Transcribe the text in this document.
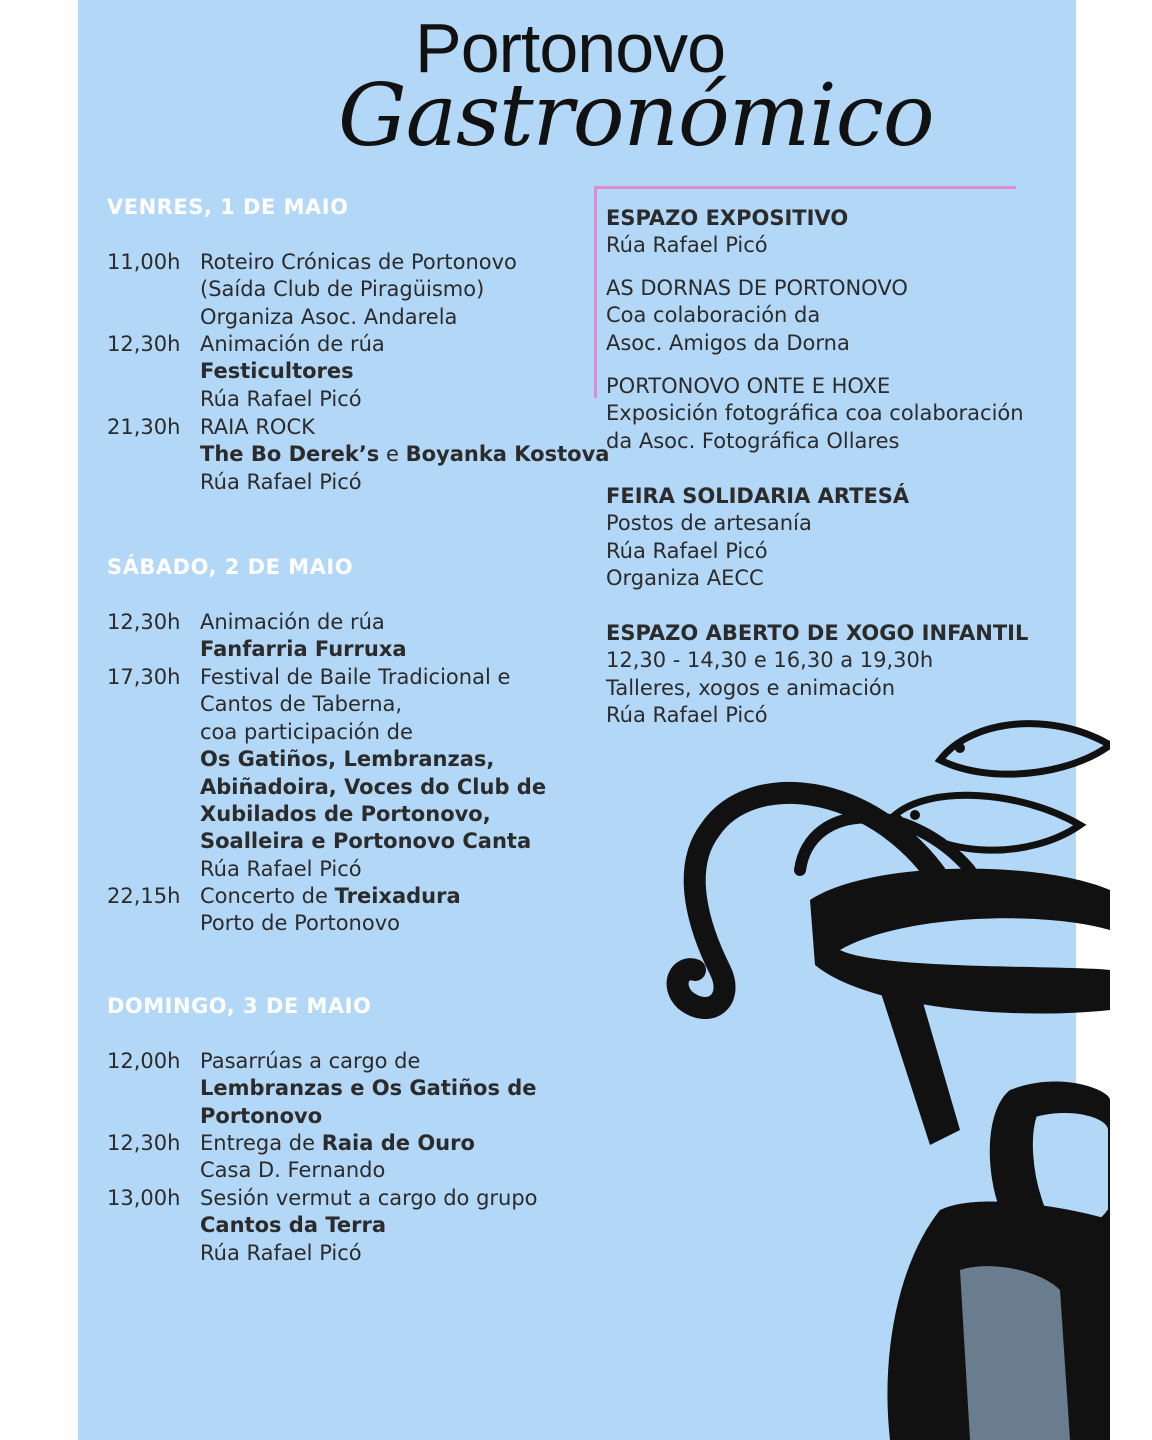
Portonovo
Gastronómico
VENRES, 1 DE MAIO
SÁBADO, 2 DE MAIO
DOMINGO, 3 DE MAIO
11,00h Roteiro Crónicas de Portonovo
(Saída Club de Piragüismo)
Organiza Asoc. Andarela
12,30h Animación de rúa
Festicultores
Rúa Rafael Picó
21,30h RAIA ROCK
The Bo Derek’s e Boyanka Kostova
Rúa Rafael Picó
12,30h Animación de rúa
Fanfarria Furruxa
17,30h Festival de Baile Tradicional e
Cantos de Taberna,
coa participación de
Os Gatiños, Lembranzas,
Abiñadoira, Voces do Club de
Xubilados de Portonovo,
Soalleira e Portonovo Canta
Rúa Rafael Picó
22,15h Concerto de Treixadura
Porto de Portonovo
12,00h Pasarrúas a cargo de
Lembranzas e Os Gatiños de
Portonovo
12,30h Entrega de Raia de Ouro
Casa D. Fernando
13,00h Sesión vermut a cargo do grupo
Cantos da Terra
Rúa Rafael Picó
ESPAZO EXPOSITIVO
Rúa Rafael Picó
AS DORNAS DE PORTONOVO
Coa colaboración da
Asoc. Amigos da Dorna
PORTONOVO ONTE E HOXE
Exposición fotográfica coa colaboración
da Asoc. Fotográfica Ollares
FEIRA SOLIDARIA ARTESÁ
Postos de artesanía
Rúa Rafael Picó
Organiza AECC
ESPAZO ABERTO DE XOGO INFANTIL
12,30 - 14,30 e 16,30 a 19,30h
Talleres, xogos e animación
Rúa Rafael Picó
